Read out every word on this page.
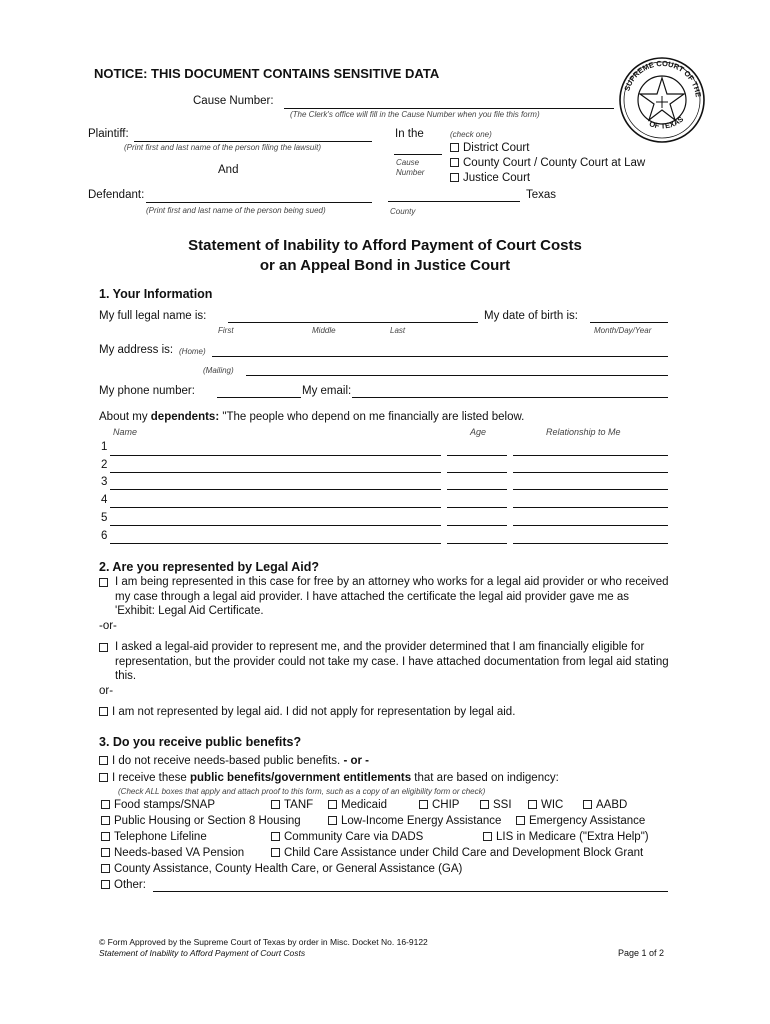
NOTICE: THIS DOCUMENT CONTAINS SENSITIVE DATA
SUPREME COURT OF THE
OF TEXAS
Cause Number:
(The Clerk's office will fill in the Cause Number when you file this form)
Plaintiff:
(Print first and last name of the person filing the lawsuit)
And
Defendant:
(Print first and last name of the person being sued)
In the	(check one)
Cause Number
District Court
County Court / County Court at Law
Justice Court
Texas
County
Statement of Inability to Afford Payment of Court Costs
or an Appeal Bond in Justice Court
1. Your Information
My full legal name is:
First	Middle	Last
My date of birth is:
Month/Day/Year
My address is: (Home)
(Mailing)
My phone number:	My email:
About my dependents: "The people who depend on me financially are listed below.
Name	Age	Relationship to Me
1
2
3
4
5
6
2. Are you represented by Legal Aid?
I am being represented in this case for free by an attorney who works for a legal aid provider or who received my case through a legal aid provider. I have attached the certificate the legal aid provider gave me as 'Exhibit: Legal Aid Certificate.
-or-
I asked a legal-aid provider to represent me, and the provider determined that I am financially eligible for representation, but the provider could not take my case. I have attached documentation from legal aid stating this.
or-
I am not represented by legal aid. I did not apply for representation by legal aid.
3. Do you receive public benefits?
I do not receive needs-based public benefits. - or -
I receive these public benefits/government entitlements that are based on indigency:
(Check ALL boxes that apply and attach proof to this form, such as a copy of an eligibility form or check)
Food stamps/SNAP	TANF	Medicaid	CHIP	SSI	WIC	AABD
Public Housing or Section 8 Housing	Low-Income Energy Assistance	Emergency Assistance
Telephone Lifeline	Community Care via DADS	LIS in Medicare ("Extra Help")
Needs-based VA Pension	Child Care Assistance under Child Care and Development Block Grant
County Assistance, County Health Care, or General Assistance (GA)
Other:
© Form Approved by the Supreme Court of Texas by order in Misc. Docket No. 16-9122
Statement of Inability to Afford Payment of Court Costs	Page 1 of 2
